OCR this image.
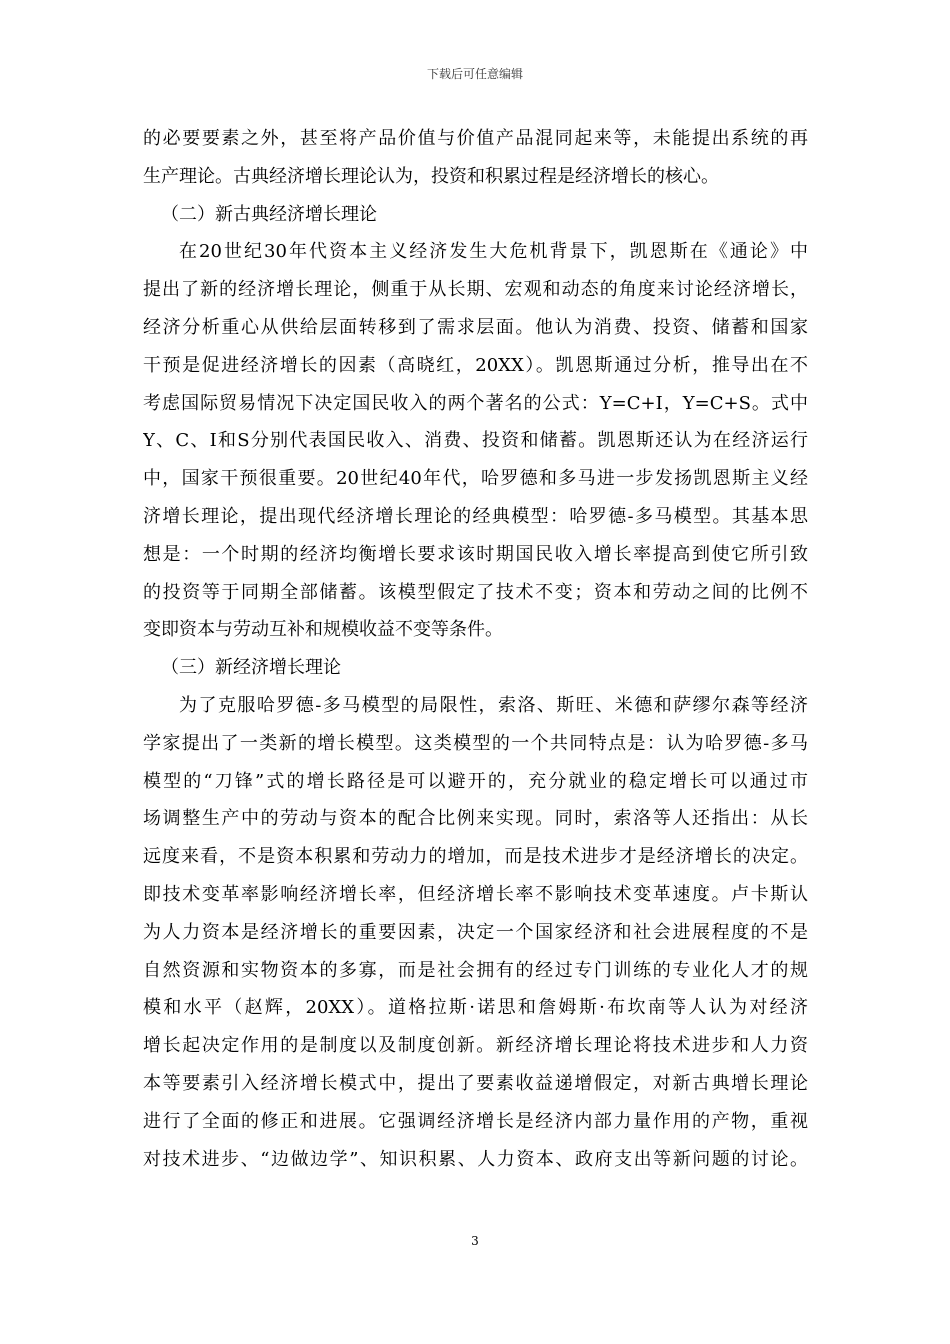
下载后可任意编辑
的必要要素之外，甚至将产品价值与价值产品混同起来等，未能提出系统的再
生产理论。古典经济增长理论认为，投资和积累过程是经济增长的核心。
（二）新古典经济增长理论
在20世纪30年代资本主义经济发生大危机背景下，凯恩斯在《通论》中
提出了新的经济增长理论，侧重于从长期、宏观和动态的角度来讨论经济增长，
经济分析重心从供给层面转移到了需求层面。他认为消费、投资、储蓄和国家
干预是促进经济增长的因素（高晓红，20XX）。凯恩斯通过分析，推导出在不
考虑国际贸易情况下决定国民收入的两个著名的公式：Y=C+I，Y=C+S。式中
Y、C、I和S分别代表国民收入、消费、投资和储蓄。凯恩斯还认为在经济运行
中，国家干预很重要。20世纪40年代，哈罗德和多马进一步发扬凯恩斯主义经
济增长理论，提出现代经济增长理论的经典模型：哈罗德-多马模型。其基本思
想是：一个时期的经济均衡增长要求该时期国民收入增长率提高到使它所引致
的投资等于同期全部储蓄。该模型假定了技术不变；资本和劳动之间的比例不
变即资本与劳动互补和规模收益不变等条件。
（三）新经济增长理论
为了克服哈罗德-多马模型的局限性，索洛、斯旺、米德和萨缪尔森等经济
学家提出了一类新的增长模型。这类模型的一个共同特点是：认为哈罗德-多马
模型的“刀锋”式的增长路径是可以避开的，充分就业的稳定增长可以通过市
场调整生产中的劳动与资本的配合比例来实现。同时，索洛等人还指出：从长
远度来看，不是资本积累和劳动力的增加，而是技术进步才是经济增长的决定。
即技术变革率影响经济增长率，但经济增长率不影响技术变革速度。卢卡斯认
为人力资本是经济增长的重要因素，决定一个国家经济和社会进展程度的不是
自然资源和实物资本的多寡，而是社会拥有的经过专门训练的专业化人才的规
模和水平（赵辉，20XX）。道格拉斯·诺思和詹姆斯·布坎南等人认为对经济
增长起决定作用的是制度以及制度创新。新经济增长理论将技术进步和人力资
本等要素引入经济增长模式中，提出了要素收益递增假定，对新古典增长理论
进行了全面的修正和进展。它强调经济增长是经济内部力量作用的产物，重视
对技术进步、“边做边学”、知识积累、人力资本、政府支出等新问题的讨论。
3
